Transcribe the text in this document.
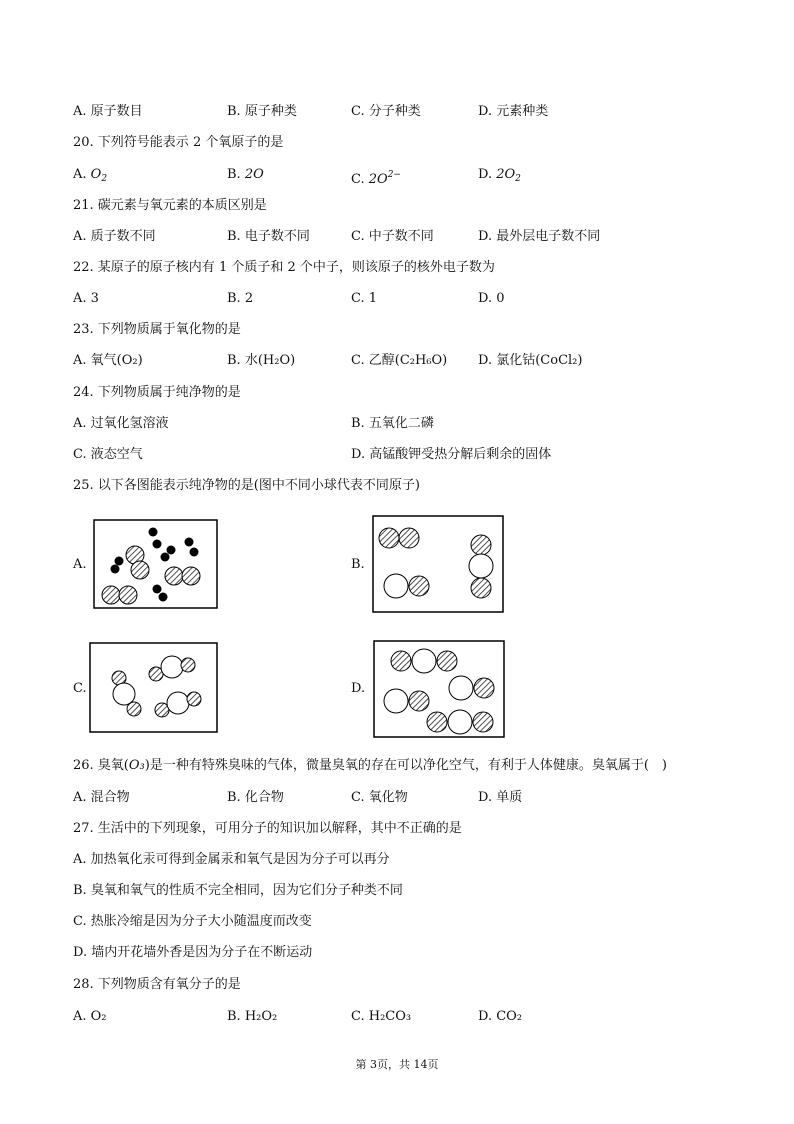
A. 原子数目	B. 原子种类	C. 分子种类	D. 元素种类
20. 下列符号能表示 2 个氧原子的是
A. $O_2$	B. 2O	C. $2O^{2-}$	D. $2O_2$
21. 碳元素与氧元素的本质区别是
A. 质子数不同	B. 电子数不同	C. 中子数不同	D. 最外层电子数不同
22. 某原子的原子核内有 1 个质子和 2 个中子，则该原子的核外电子数为
A. 3	B. 2	C. 1	D. 0
23. 下列物质属于氧化物的是
A. 氧气(O₂)	B. 水(H₂O)	C. 乙醇(C₂H₆O) D. 氯化钴(CoCl₂)
24. 下列物质属于纯净物的是
A. 过氧化氢溶液	B. 五氧化二磷
C. 液态空气	D. 高锰酸钾受热分解后剩余的固体
25. 以下各图能表示纯净物的是(图中不同小球代表不同原子)
A.	B.
C.	D.
26. 臭氧(O₃)是一种有特殊臭味的气体，微量臭氧的存在可以净化空气，有利于人体健康。臭氧属于(　)
A. 混合物	B. 化合物	C. 氧化物	D. 单质
27. 生活中的下列现象，可用分子的知识加以解释，其中不正确的是
A. 加热氧化汞可得到金属汞和氧气是因为分子可以再分
B. 臭氧和氧气的性质不完全相同，因为它们分子种类不同
C. 热胀冷缩是因为分子大小随温度而改变
D. 墙内开花墙外香是因为分子在不断运动
28. 下列物质含有氧分子的是
A. O₂	B. H₂O₂	C. H₂CO₃	D. CO₂
第 3页，共 14页
